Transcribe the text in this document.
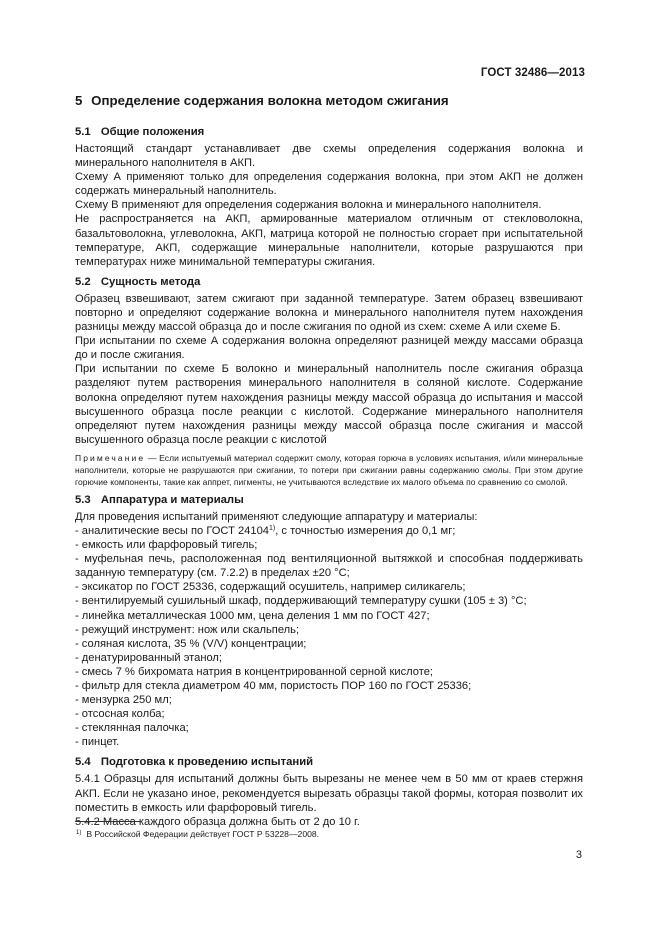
ГОСТ 32486—2013
5 Определение содержания волокна методом сжигания
5.1 Общие положения

Настоящий стандарт устанавливает две схемы определения содержания волокна и минерального наполнителя в АКП.

Схему А применяют только для определения содержания волокна, при этом АКП не должен содержать минеральный наполнитель.

Схему В применяют для определения содержания волокна и минерального наполнителя.

Не распространяется на АКП, армированные материалом отличным от стекловолокна, базальтоволокна, углеволокна, АКП, матрица которой не полностью сгорает при испытательной температуре, АКП, содержащие минеральные наполнители, которые разрушаются при температурах ниже минимальной температуры сжигания.

5.2 Сущность метода

Образец взвешивают, затем сжигают при заданной температуре. Затем образец взвешивают повторно и определяют содержание волокна и минерального наполнителя путем нахождения разницы между массой образца до и после сжигания по одной из схем: схеме А или схеме Б.

При испытании по схеме А содержания волокна определяют разницей между массами образца до и после сжигания.

При испытании по схеме Б волокно и минеральный наполнитель после сжигания образца разделяют путем растворения минерального наполнителя в соляной кислоте. Содержание волокна определяют путем нахождения разницы между массой образца до испытания и массой высушенного образца после реакции с кислотой. Содержание минерального наполнителя определяют путем нахождения разницы между массой образца после сжигания и массой высушенного образца после реакции с кислотой

Примечание — Если испытуемый материал содержит смолу, которая горюча в условиях испытания, и/или минеральные наполнители, которые не разрушаются при сжигании, то потери при сжигании равны содержанию смолы. При этом другие горючие компоненты, такие как аппрет, пигменты, не учитываются вследствие их малого объема по сравнению со смолой.

5.3 Аппаратура и материалы

Для проведения испытаний применяют следующие аппаратуру и материалы:

- аналитические весы по ГОСТ 24104$^{1)}$, с точностью измерения до 0,1 мг;

- емкость или фарфоровый тигель;

- муфельная печь, расположенная под вентиляционной вытяжкой и способная поддерживать заданную температуру (см. 7.2.2) в пределах ±20 °С;

- эксикатор по ГОСТ 25336, содержащий осушитель, например силикагель;

- вентилируемый сушильный шкаф, поддерживающий температуру сушки (105 ± 3) °С;

- линейка металлическая 1000 мм, цена деления 1 мм по ГОСТ 427;

- режущий инструмент: нож или скальпель;

- соляная кислота, 35 % (V/V) концентрации;

- денатурированный этанол;

- смесь 7 % бихромата натрия в концентрированной серной кислоте;

- фильтр для стекла диаметром 40 мм, пористость ПОР 160 по ГОСТ 25336;

- мензурка 250 мл;

- отсосная колба;

- стеклянная палочка;

- пинцет.

5.4 Подготовка к проведению испытаний

5.4.1 Образцы для испытаний должны быть вырезаны не менее чем в 50 мм от краев стержня АКП. Если не указано иное, рекомендуется вырезать образцы такой формы, которая позволит их поместить в емкость или фарфоровый тигель.

5.4.2 Масса каждого образца должна быть от 2 до 10 г.

$^{1)}$ В Российской Федерации действует ГОСТ Р 53228—2008.
3
